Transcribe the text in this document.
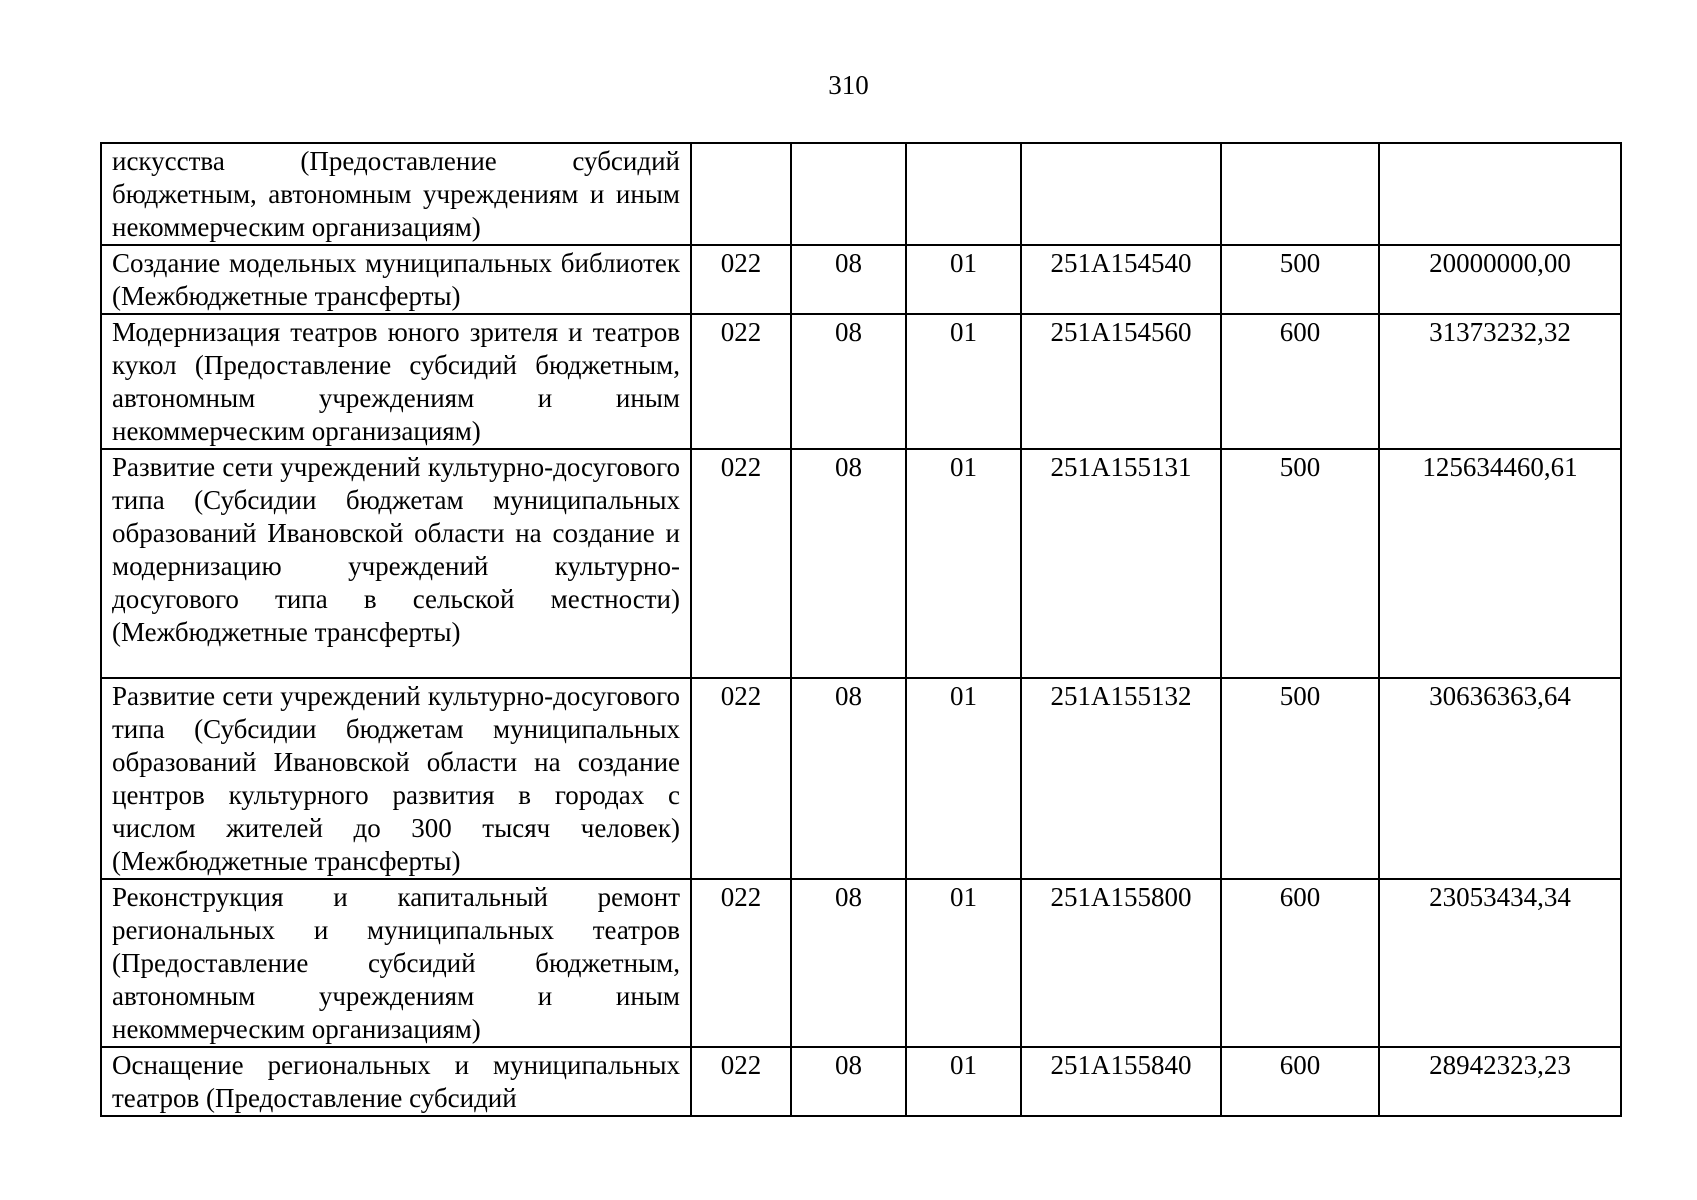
310
искусства (Предоставление субсидий бюджетным, автономным учреждениям и иным некоммерческим организациям)						
Создание модельных муниципальных библиотек (Межбюджетные трансферты)	022	08	01	251A154540	500	20000000,00
Модернизация театров юного зрителя и театров кукол (Предоставление субсидий бюджетным, автономным учреждениям и иным некоммерческим организациям)	022	08	01	251A154560	600	31373232,32
Развитие сети учреждений культурно-досугового типа (Субсидии бюджетам муниципальных образований Ивановской области на создание и модернизацию учреждений культурно-досугового типа в сельской местности) (Межбюджетные трансферты)	022	08	01	251A155131	500	125634460,61
Развитие сети учреждений культурно-досугового типа (Субсидии бюджетам муниципальных образований Ивановской области на создание центров культурного развития в городах с числом жителей до 300 тысяч человек) (Межбюджетные трансферты)	022	08	01	251A155132	500	30636363,64
Реконструкция и капитальный ремонт региональных и муниципальных театров (Предоставление субсидий бюджетным, автономным учреждениям и иным некоммерческим организациям)	022	08	01	251A155800	600	23053434,34
Оснащение региональных и муниципальных театров (Предоставление субсидий	022	08	01	251A155840	600	28942323,23
